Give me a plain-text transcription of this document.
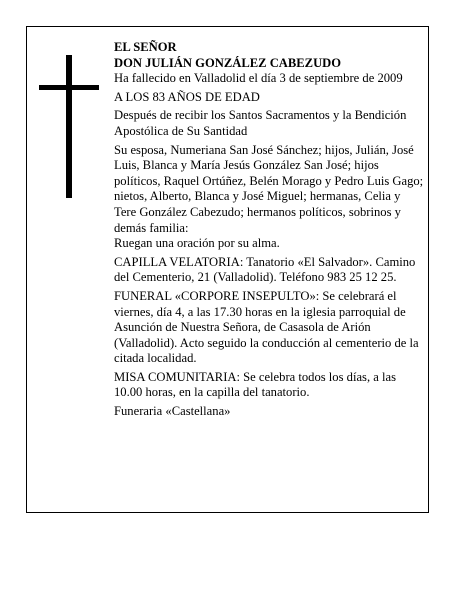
EL SEÑOR

DON JULIÁN GONZÁLEZ CABEZUDO

Ha fallecido en Valladolid el día 3 de septiembre de 2009

A LOS 83 AÑOS DE EDAD

Después de recibir los Santos Sacramentos y la Bendición Apostólica de Su Santidad

Su esposa, Numeriana San José Sánchez; hijos, Julián, José Luis, Blanca y María Jesús González San José; hijos políticos, Raquel Ortúñez, Belén Morago y Pedro Luis Gago; nietos, Alberto, Blanca y José Miguel; hermanas, Celia y Tere González Cabezudo; hermanos políticos, sobrinos y demás familia:

Ruegan una oración por su alma.

CAPILLA VELATORIA: Tanatorio «El Salvador». Camino del Cementerio, 21 (Valladolid). Teléfono 983 25 12 25.

FUNERAL «CORPORE INSEPULTO»: Se celebrará el viernes, día 4, a las 17.30 horas en la iglesia parroquial de Asunción de Nuestra Señora, de Casasola de Arión (Valladolid). Acto seguido la conducción al cementerio de la citada localidad.

MISA COMUNITARIA: Se celebra todos los días, a las 10.00 horas, en la capilla del tanatorio.

Funeraria «Castellana»
